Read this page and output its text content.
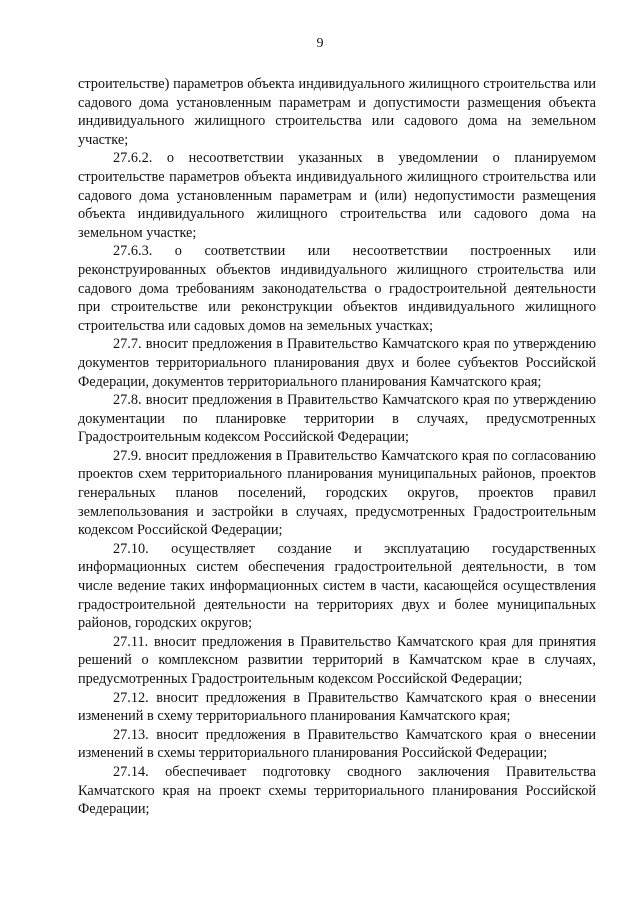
9

строительстве) параметров объекта индивидуального жилищного строительства или садового дома установленным параметрам и допустимости размещения объекта индивидуального жилищного строительства или садового дома на земельном участке;

27.6.2. о несоответствии указанных в уведомлении о планируемом строительстве параметров объекта индивидуального жилищного строительства или садового дома установленным параметрам и (или) недопустимости размещения объекта индивидуального жилищного строительства или садового дома на земельном участке;

27.6.3. о соответствии или несоответствии построенных или реконструированных объектов индивидуального жилищного строительства или садового дома требованиям законодательства о градостроительной деятельности при строительстве или реконструкции объектов индивидуального жилищного строительства или садовых домов на земельных участках;

27.7. вносит предложения в Правительство Камчатского края по утверждению документов территориального планирования двух и более субъектов Российской Федерации, документов территориального планирования Камчатского края;

27.8. вносит предложения в Правительство Камчатского края по утверждению документации по планировке территории в случаях, предусмотренных Градостроительным кодексом Российской Федерации;

27.9. вносит предложения в Правительство Камчатского края по согласованию проектов схем территориального планирования муниципальных районов, проектов генеральных планов поселений, городских округов, проектов правил землепользования и застройки в случаях, предусмотренных Градостроительным кодексом Российской Федерации;

27.10. осуществляет создание и эксплуатацию государственных информационных систем обеспечения градостроительной деятельности, в том числе ведение таких информационных систем в части, касающейся осуществления градостроительной деятельности на территориях двух и более муниципальных районов, городских округов;

27.11. вносит предложения в Правительство Камчатского края для принятия решений о комплексном развитии территорий в Камчатском крае в случаях, предусмотренных Градостроительным кодексом Российской Федерации;

27.12. вносит предложения в Правительство Камчатского края о внесении изменений в схему территориального планирования Камчатского края;

27.13. вносит предложения в Правительство Камчатского края о внесении изменений в схемы территориального планирования Российской Федерации;

27.14. обеспечивает подготовку сводного заключения Правительства Камчатского края на проект схемы территориального планирования Российской Федерации;
